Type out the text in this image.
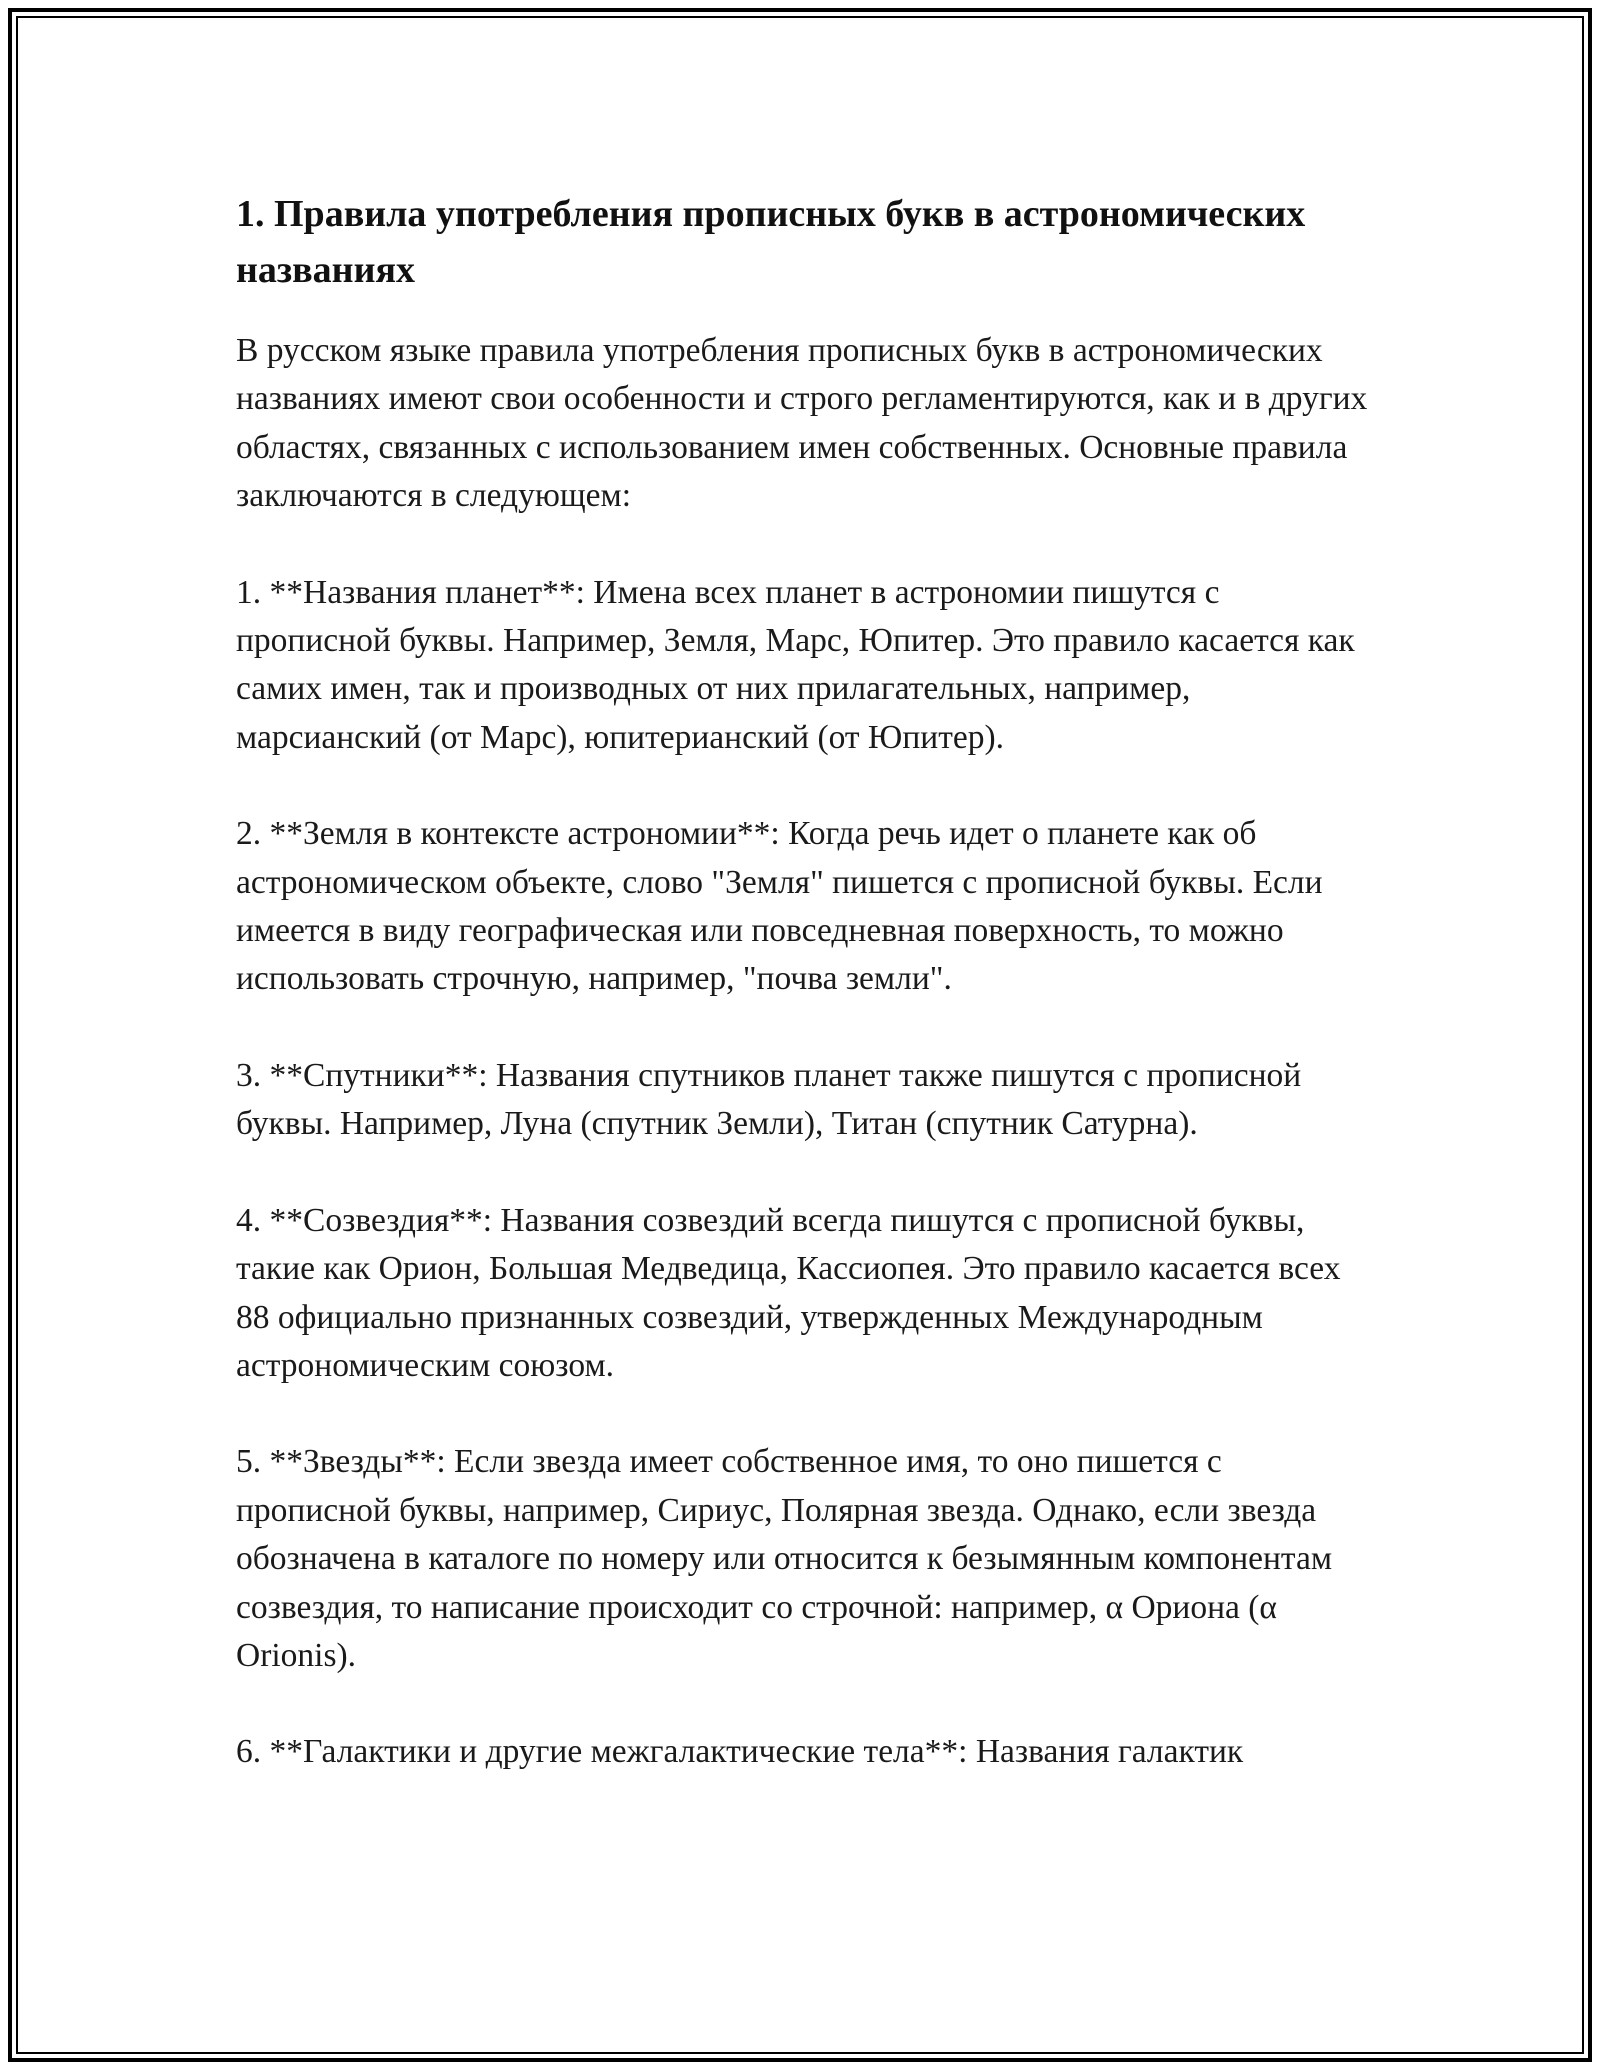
1. Правила употребления прописных букв в астрономических названиях

В русском языке правила употребления прописных букв в астрономических названиях имеют свои особенности и строго регламентируются, как и в других областях, связанных с использованием имен собственных. Основные правила заключаются в следующем:

1. **Названия планет**: Имена всех планет в астрономии пишутся с прописной буквы. Например, Земля, Марс, Юпитер. Это правило касается как самих имен, так и производных от них прилагательных, например, марсианский (от Марс), юпитерианский (от Юпитер).

2. **Земля в контексте астрономии**: Когда речь идет о планете как об астрономическом объекте, слово "Земля" пишется с прописной буквы. Если имеется в виду географическая или повседневная поверхность, то можно использовать строчную, например, "почва земли".

3. **Спутники**: Названия спутников планет также пишутся с прописной буквы. Например, Луна (спутник Земли), Титан (спутник Сатурна).

4. **Созвездия**: Названия созвездий всегда пишутся с прописной буквы, такие как Орион, Большая Медведица, Кассиопея. Это правило касается всех 88 официально признанных созвездий, утвержденных Международным астрономическим союзом.

5. **Звезды**: Если звезда имеет собственное имя, то оно пишется с прописной буквы, например, Сириус, Полярная звезда. Однако, если звезда обозначена в каталоге по номеру или относится к безымянным компонентам созвездия, то написание происходит со строчной: например, α Ориона (α Orionis).

6. **Галактики и другие межгалактические тела**: Названия галактик
